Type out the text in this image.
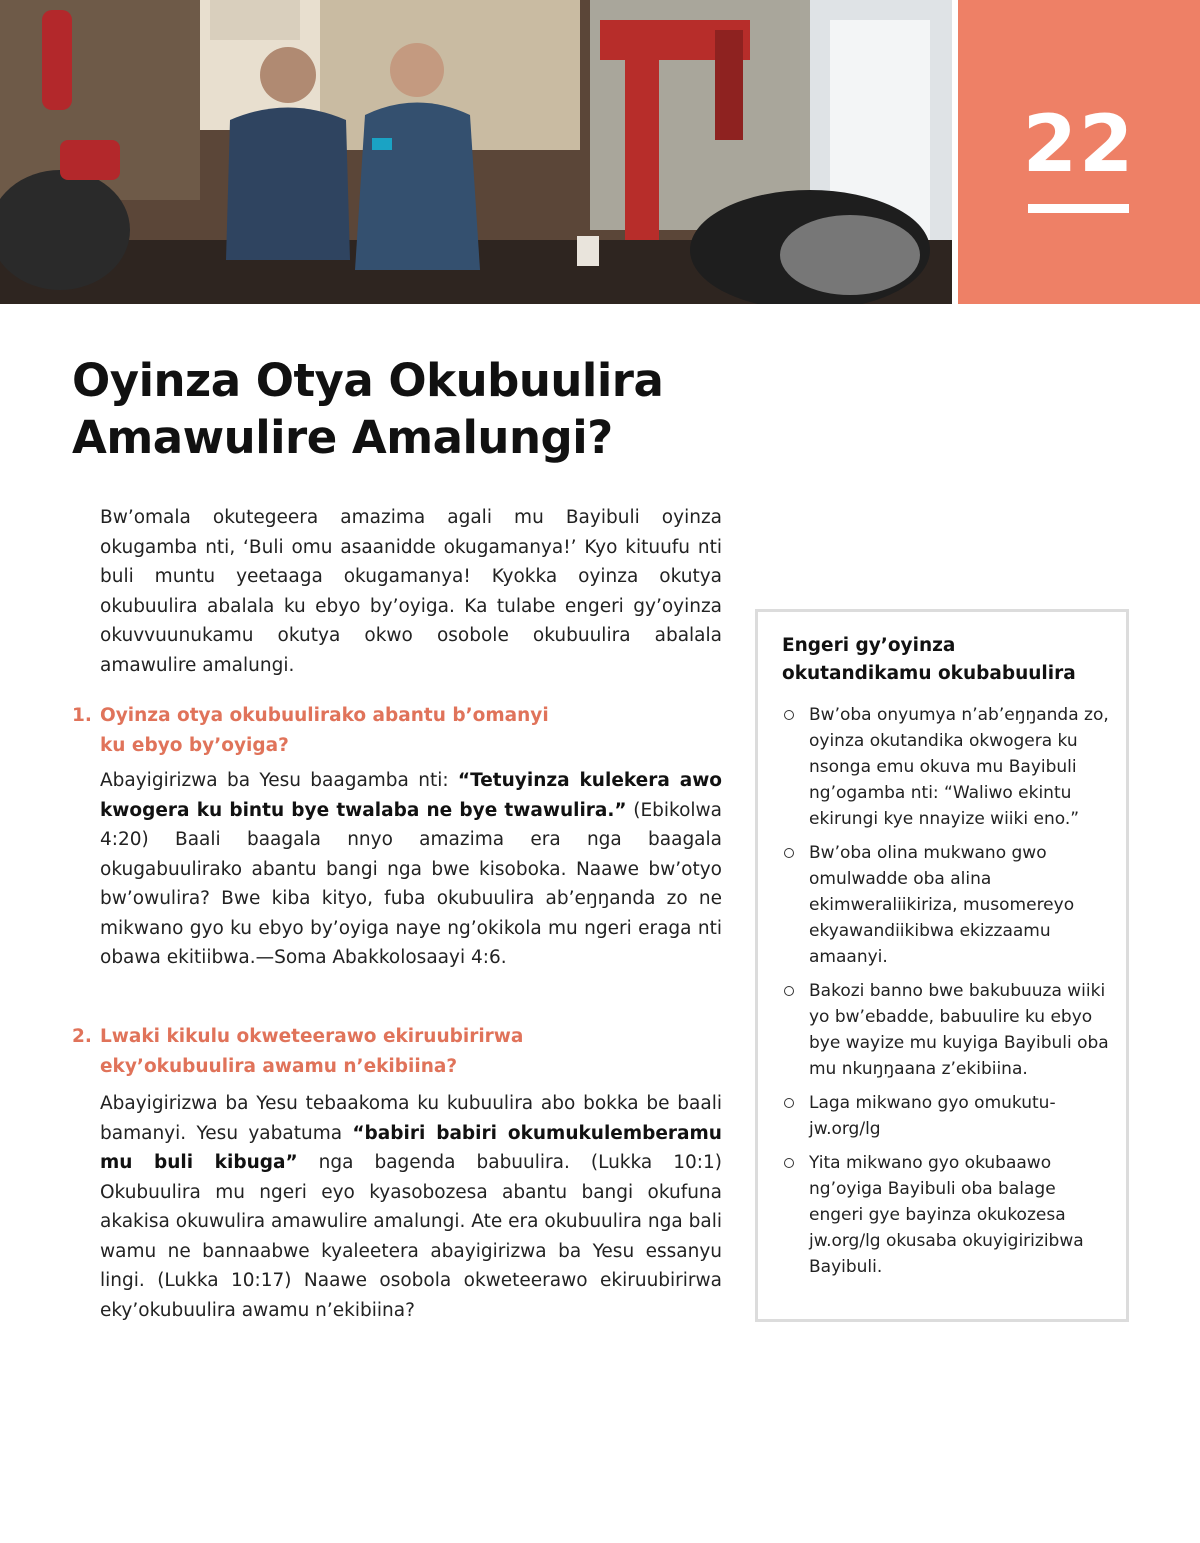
22
Oyinza Otya Okubuulira
Amawulire Amalungi?

Bw’omala okutegeera amazima agali mu Bayibuli oyinza okugamba nti, ‘Buli omu asaanidde okugamanya!’ Kyo kituufu nti buli muntu yeetaaga okugamanya! Kyokka oyinza okutya okubuulira abalala ku ebyo by’oyiga. Ka tulabe engeri gy’oyinza okuvvuunukamu okutya okwo osobole okubuulira abalala amawulire amalungi.

1. Oyinza otya okubuulirako abantu b’omanyi
ku ebyo by’oyiga?

Abayigirizwa ba Yesu baagamba nti: “Tetuyinza kulekera awo kwogera ku bintu bye twalaba ne bye twawulira.” (Ebikolwa 4:20) Baali baagala nnyo amazima era nga baagala okugabuulirako abantu bangi nga bwe kisoboka. Naawe bw’otyo bw’owulira? Bwe kiba kityo, fuba okubuulira ab’eŋŋanda zo ne mikwano gyo ku ebyo by’oyiga naye ng’okikola mu ngeri eraga nti obawa ekitiibwa.—Soma Abakkolosaayi 4:6.

2. Lwaki kikulu okweteerawo ekiruubirirwa
eky’okubuulira awamu n’ekibiina?

Abayigirizwa ba Yesu tebaakoma ku kubuulira abo bokka be baali bamanyi. Yesu yabatuma “babiri babiri okumukulemberamu mu buli kibuga” nga bagenda babuulira. (Lukka 10:1) Okubuulira mu ngeri eyo kyasobozesa abantu bangi okufuna akakisa okuwulira amawulire amalungi. Ate era okubuulira nga bali wamu ne bannaabwe kyaleetera abayigirizwa ba Yesu essanyu lingi. (Lukka 10:17) Naawe osobola okweteerawo ekiruubirirwa eky’okubuulira awamu n’ekibiina?

Engeri gy’oyinza okutandikamu okubabuulira
Bw’oba onyumya n’ab’eŋŋanda zo, oyinza okutandika okwogera ku nsonga emu okuva mu Bayibuli ng’ogamba nti: “Waliwo ekintu ekirungi kye nnayize wiiki eno.”
Bw’oba olina mukwano gwo omulwadde oba alina ekimweraliikiriza, musomereyo ekyawandiikibwa ekizzaamu amaanyi.
Bakozi banno bwe bakubuuza wiiki yo bw’ebadde, babuulire ku ebyo bye wayize mu kuyiga Bayibuli oba mu nkuŋŋaana z’ekibiina.
Laga mikwano gyo omukutu-jw.org/lg
Yita mikwano gyo okubaawo ng’oyiga Bayibuli oba balage engeri gye bayinza okukozesa jw.org/lg okusaba okuyigirizibwa Bayibuli.
